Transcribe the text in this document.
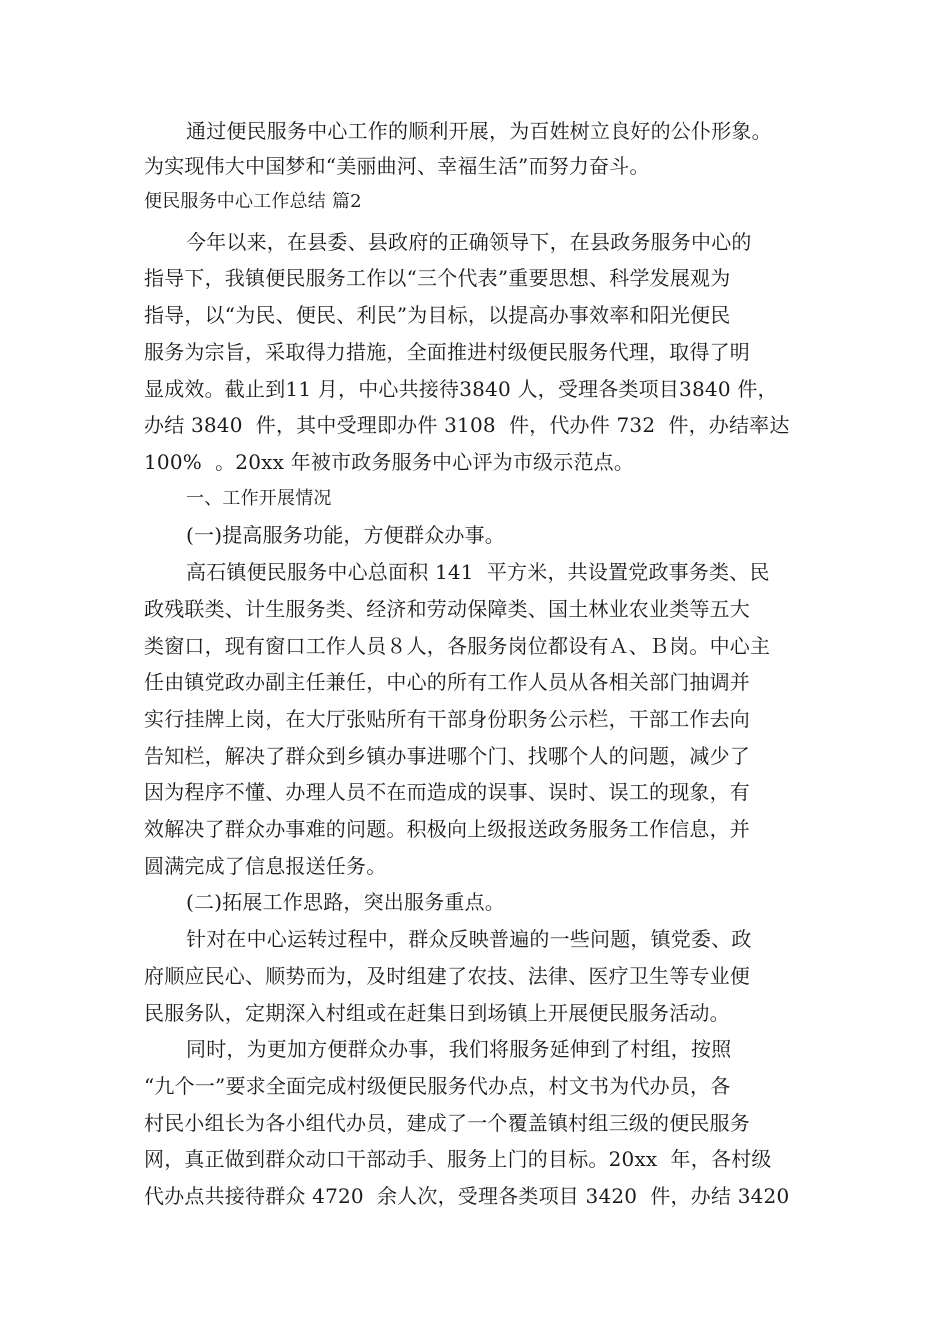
通过便民服务中心工作的顺利开展，为百姓树立良好的公仆形象。
为实现伟大中国梦和“美丽曲河、幸福生活”而努力奋斗。
便民服务中心工作总结 篇2
今年以来，在县委、县政府的正确领导下，在县政务服务中心的
指导下，我镇便民服务工作以“三个代表”重要思想、科学发展观为
指导，以“为民、便民、利民”为目标，以提高办事效率和阳光便民
服务为宗旨，采取得力措施，全面推进村级便民服务代理，取得了明
显成效。截止到11 月，中心共接待3840 人，受理各类项目3840 件，
办结 3840  件，其中受理即办件 3108  件，代办件 732  件，办结率达
100%  。20xx 年被市政务服务中心评为市级示范点。
一、工作开展情况
(一)提高服务功能，方便群众办事。
高石镇便民服务中心总面积 141  平方米，共设置党政事务类、民
政残联类、计生服务类、经济和劳动保障类、国土林业农业类等五大
类窗口，现有窗口工作人员８人，各服务岗位都设有Ａ、Ｂ岗。中心主
任由镇党政办副主任兼任，中心的所有工作人员从各相关部门抽调并
实行挂牌上岗，在大厅张贴所有干部身份职务公示栏，干部工作去向
告知栏，解决了群众到乡镇办事进哪个门、找哪个人的问题，减少了
因为程序不懂、办理人员不在而造成的误事、误时、误工的现象，有
效解决了群众办事难的问题。积极向上级报送政务服务工作信息，并
圆满完成了信息报送任务。
(二)拓展工作思路，突出服务重点。
针对在中心运转过程中，群众反映普遍的一些问题，镇党委、政
府顺应民心、顺势而为，及时组建了农技、法律、医疗卫生等专业便
民服务队，定期深入村组或在赶集日到场镇上开展便民服务活动。
同时，为更加方便群众办事，我们将服务延伸到了村组，按照
“九个一”要求全面完成村级便民服务代办点，村文书为代办员，各
村民小组长为各小组代办员，建成了一个覆盖镇村组三级的便民服务
网，真正做到群众动口干部动手、服务上门的目标。20xx  年，各村级
代办点共接待群众 4720  余人次，受理各类项目 3420  件，办结 3420
